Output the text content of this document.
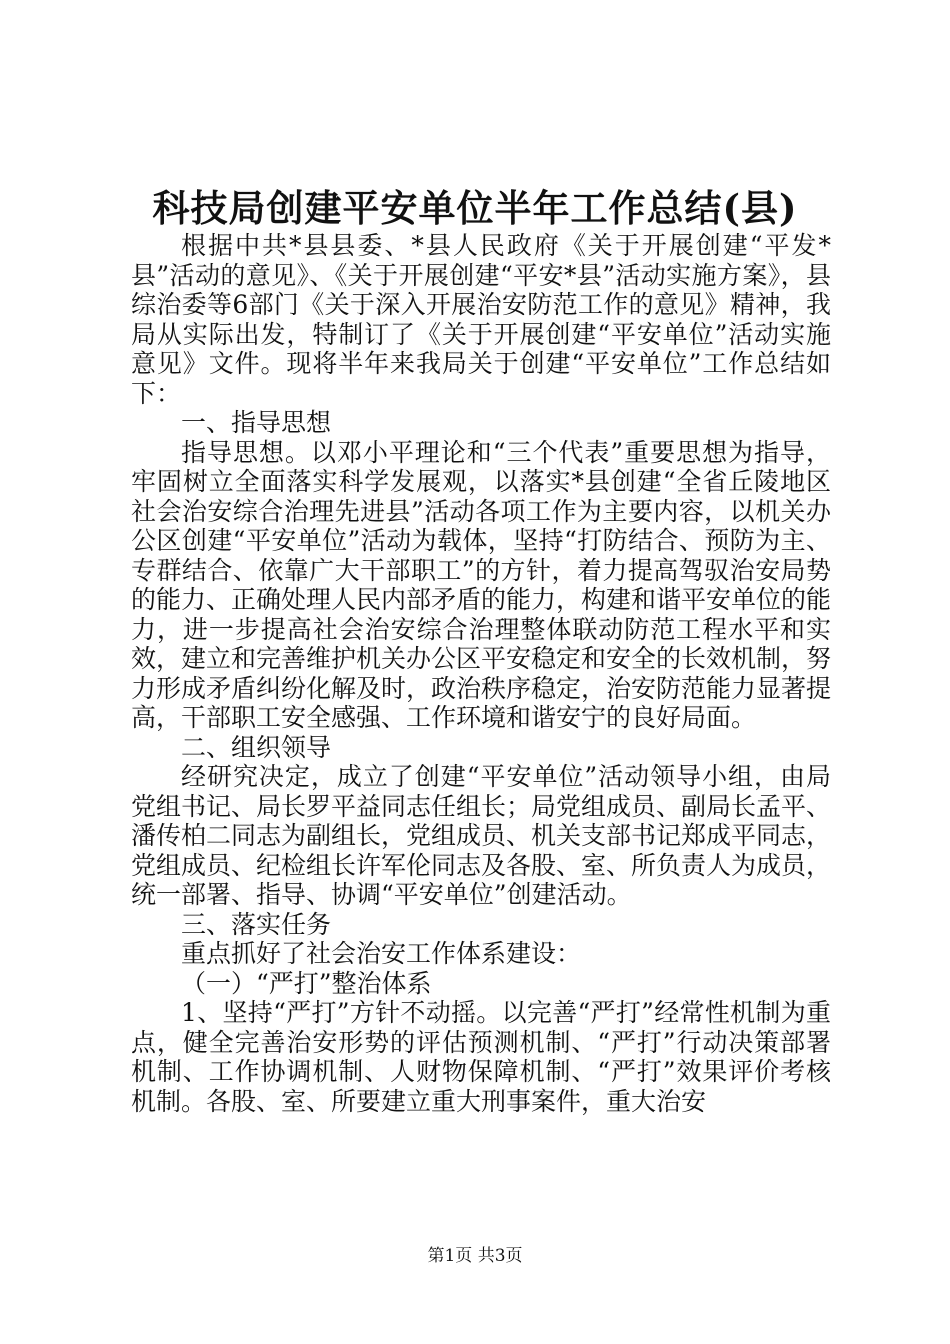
科技局创建平安单位半年工作总结(县)

根据中共*县县委、*县人民政府《关于开展创建“平发*县”活动的意见》、《关于开展创建“平安*县”活动实施方案》，县综治委等6部门《关于深入开展治安防范工作的意见》精神，我局从实际出发，特制订了《关于开展创建“平安单位”活动实施意见》文件。现将半年来我局关于创建“平安单位”工作总结如下：

一、指导思想

指导思想。以邓小平理论和“三个代表”重要思想为指导，牢固树立全面落实科学发展观，以落实*县创建“全省丘陵地区社会治安综合治理先进县”活动各项工作为主要内容，以机关办公区创建“平安单位”活动为载体，坚持“打防结合、预防为主、专群结合、依靠广大干部职工”的方针，着力提高驾驭治安局势的能力、正确处理人民内部矛盾的能力，构建和谐平安单位的能力，进一步提高社会治安综合治理整体联动防范工程水平和实效，建立和完善维护机关办公区平安稳定和安全的长效机制，努力形成矛盾纠纷化解及时，政治秩序稳定，治安防范能力显著提高，干部职工安全感强、工作环境和谐安宁的良好局面。

二、组织领导

经研究决定，成立了创建“平安单位”活动领导小组，由局党组书记、局长罗平益同志任组长；局党组成员、副局长孟平、潘传柏二同志为副组长，党组成员、机关支部书记郑成平同志，党组成员、纪检组长许军伦同志及各股、室、所负责人为成员，统一部署、指导、协调“平安单位”创建活动。

三、落实任务

重点抓好了社会治安工作体系建设：

（一）“严打”整治体系

1、坚持“严打”方针不动摇。以完善“严打”经常性机制为重点，健全完善治安形势的评估预测机制、“严打”行动决策部署机制、工作协调机制、人财物保障机制、“严打”效果评价考核机制。各股、室、所要建立重大刑事案件，重大治安

第1页 共3页
